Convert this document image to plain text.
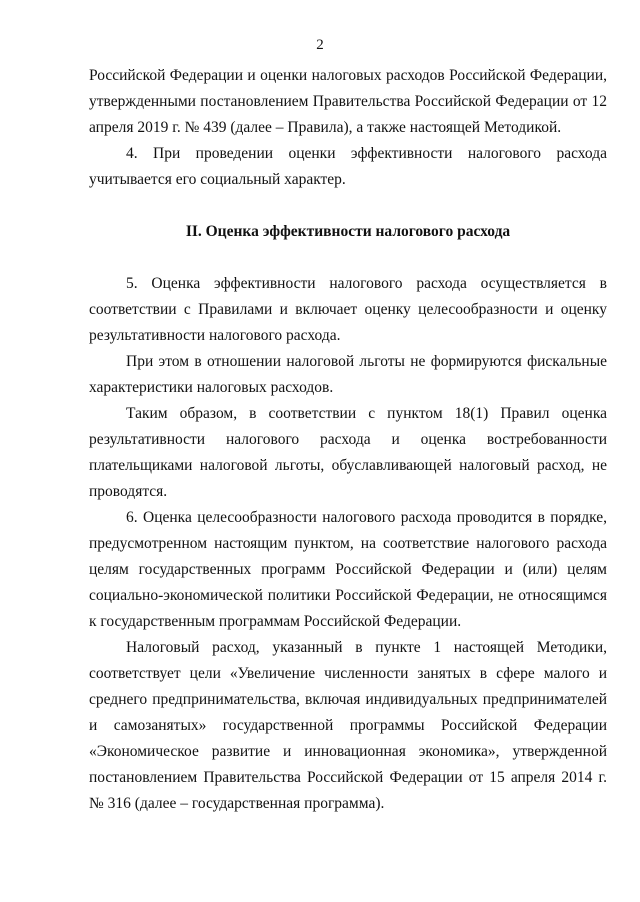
2

Российской Федерации и оценки налоговых расходов Российской Федерации, утвержденными постановлением Правительства Российской Федерации от 12 апреля 2019 г. № 439 (далее – Правила), а также настоящей Методикой.

4. При проведении оценки эффективности налогового расхода учитывается его социальный характер.

II. Оценка эффективности налогового расхода

5. Оценка эффективности налогового расхода осуществляется в соответствии с Правилами и включает оценку целесообразности и оценку результативности налогового расхода.

При этом в отношении налоговой льготы не формируются фискальные характеристики налоговых расходов.

Таким образом, в соответствии с пунктом 18(1) Правил оценка результативности налогового расхода и оценка востребованности плательщиками налоговой льготы, обуславливающей налоговый расход, не проводятся.

6. Оценка целесообразности налогового расхода проводится в порядке, предусмотренном настоящим пунктом, на соответствие налогового расхода целям государственных программ Российской Федерации и (или) целям социально-экономической политики Российской Федерации, не относящимся к государственным программам Российской Федерации.

Налоговый расход, указанный в пункте 1 настоящей Методики, соответствует цели «Увеличение численности занятых в сфере малого и среднего предпринимательства, включая индивидуальных предпринимателей и самозанятых» государственной программы Российской Федерации «Экономическое развитие и инновационная экономика», утвержденной постановлением Правительства Российской Федерации от 15 апреля 2014 г. № 316 (далее – государственная программа).
